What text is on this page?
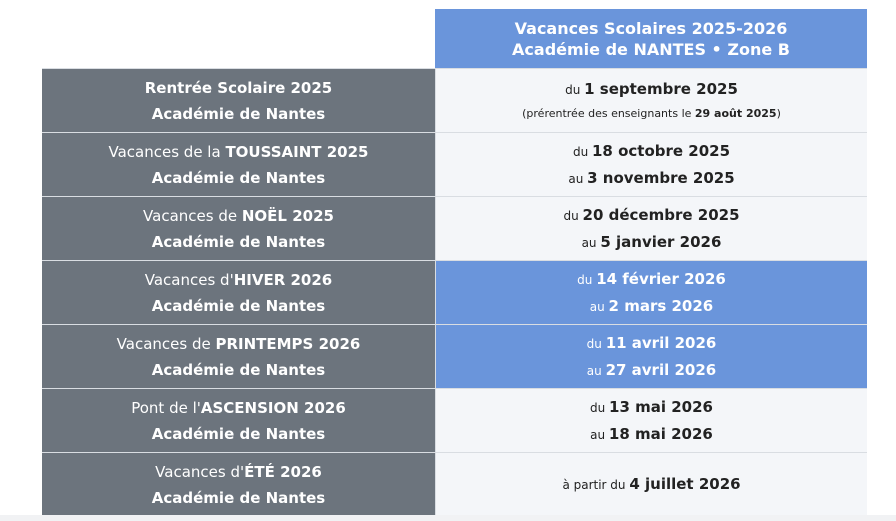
Vacances Scolaires 2025-2026
Académie de NANTES • Zone B
Rentrée Scolaire 2025
Académie de Nantes
du 1 septembre 2025
(prérentrée des enseignants le 29 août 2025)
Vacances de la TOUSSAINT 2025
Académie de Nantes
du 18 octobre 2025
au 3 novembre 2025
Vacances de NOËL 2025
Académie de Nantes
du 20 décembre 2025
au 5 janvier 2026
Vacances d'HIVER 2026
Académie de Nantes
du 14 février 2026
au 2 mars 2026
Vacances de PRINTEMPS 2026
Académie de Nantes
du 11 avril 2026
au 27 avril 2026
Pont de l'ASCENSION 2026
Académie de Nantes
du 13 mai 2026
au 18 mai 2026
Vacances d'ÉTÉ 2026
Académie de Nantes
à partir du 4 juillet 2026
